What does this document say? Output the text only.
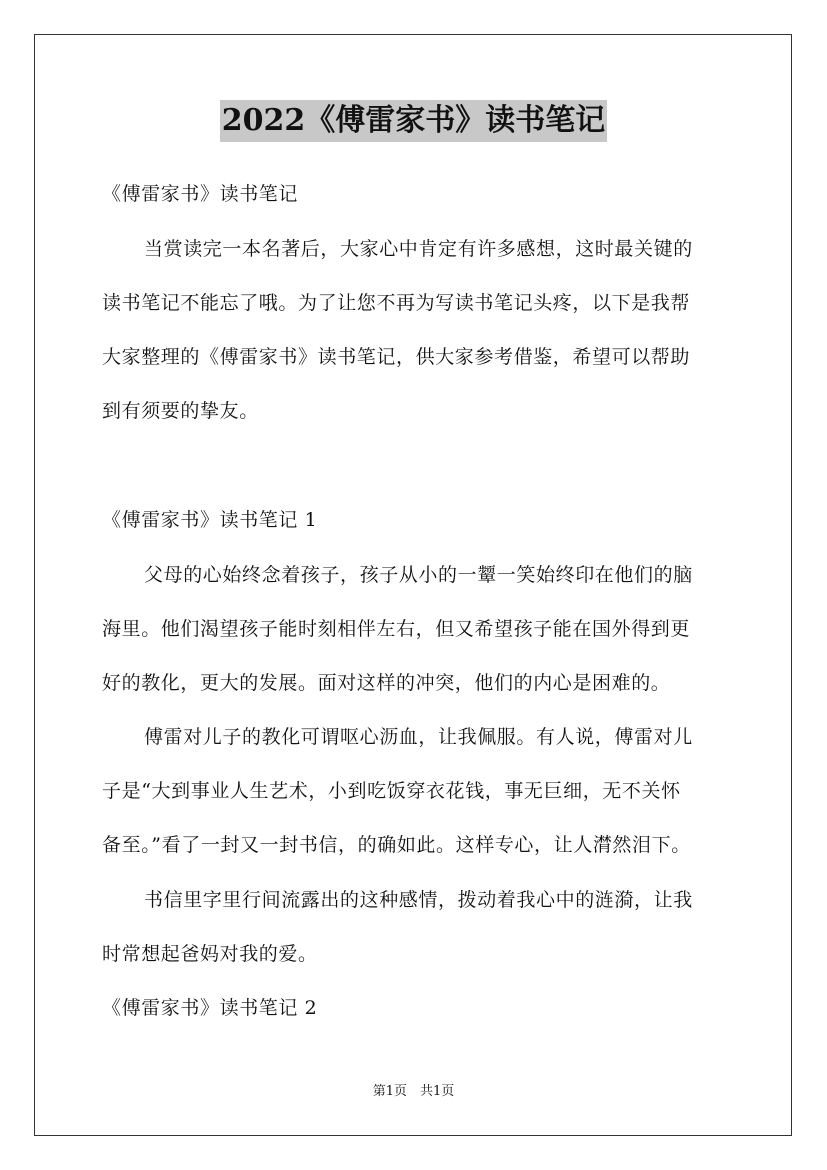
2022《傅雷家书》读书笔记
《傅雷家书》读书笔记
当赏读完一本名著后，大家心中肯定有许多感想，这时最关键的
读书笔记不能忘了哦。为了让您不再为写读书笔记头疼，以下是我帮
大家整理的《傅雷家书》读书笔记，供大家参考借鉴，希望可以帮助
到有须要的挚友。
《傅雷家书》读书笔记 1
父母的心始终念着孩子，孩子从小的一颦一笑始终印在他们的脑
海里。他们渴望孩子能时刻相伴左右，但又希望孩子能在国外得到更
好的教化，更大的发展。面对这样的冲突，他们的内心是困难的。
傅雷对儿子的教化可谓呕心沥血，让我佩服。有人说，傅雷对儿
子是“大到事业人生艺术，小到吃饭穿衣花钱，事无巨细，无不关怀
备至。”看了一封又一封书信，的确如此。这样专心，让人潸然泪下。
书信里字里行间流露出的这种感情，拨动着我心中的涟漪，让我
时常想起爸妈对我的爱。
《傅雷家书》读书笔记 2
第1页　共1页
